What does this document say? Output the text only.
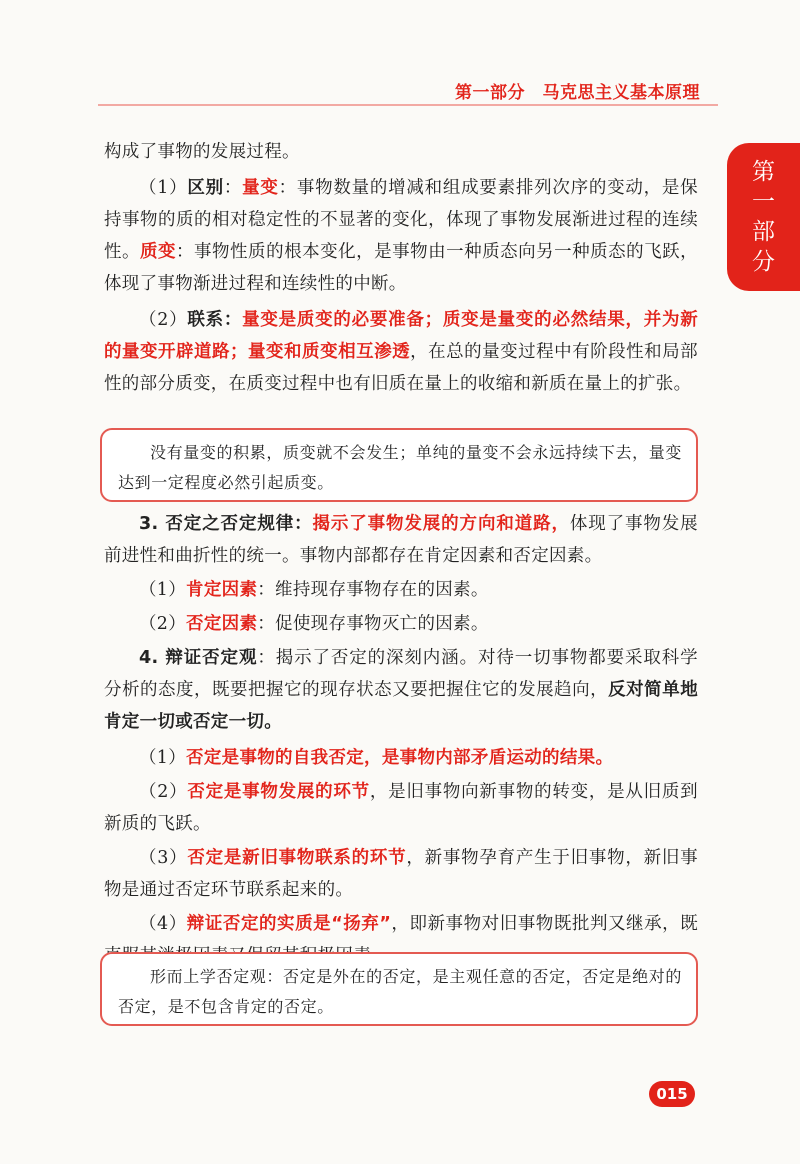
第一部分　马克思主义基本原理
第
一
部
分

构成了事物的发展过程。

（1）区别：量变：事物数量的增减和组成要素排列次序的变动，是保持事物的质的相对稳定性的不显著的变化，体现了事物发展渐进过程的连续性。质变：事物性质的根本变化，是事物由一种质态向另一种质态的飞跃，体现了事物渐进过程和连续性的中断。

（2）联系：量变是质变的必要准备；质变是量变的必然结果，并为新的量变开辟道路；量变和质变相互渗透，在总的量变过程中有阶段性和局部性的部分质变，在质变过程中也有旧质在量上的收缩和新质在量上的扩张。

没有量变的积累，质变就不会发生；单纯的量变不会永远持续下去，量变达到一定程度必然引起质变。

3. 否定之否定规律：揭示了事物发展的方向和道路，体现了事物发展前进性和曲折性的统一。事物内部都存在肯定因素和否定因素。

（1）肯定因素：维持现存事物存在的因素。

（2）否定因素：促使现存事物灭亡的因素。

4. 辩证否定观：揭示了否定的深刻内涵。对待一切事物都要采取科学分析的态度，既要把握它的现存状态又要把握住它的发展趋向，反对简单地肯定一切或否定一切。

（1）否定是事物的自我否定，是事物内部矛盾运动的结果。

（2）否定是事物发展的环节，是旧事物向新事物的转变，是从旧质到新质的飞跃。

（3）否定是新旧事物联系的环节，新事物孕育产生于旧事物，新旧事物是通过否定环节联系起来的。

（4）辩证否定的实质是“扬弃”，即新事物对旧事物既批判又继承，既

形而上学否定观：否定是外在的否定，是主观任意的否定，否定是绝对的否定，是不包含肯定的否定。
015
